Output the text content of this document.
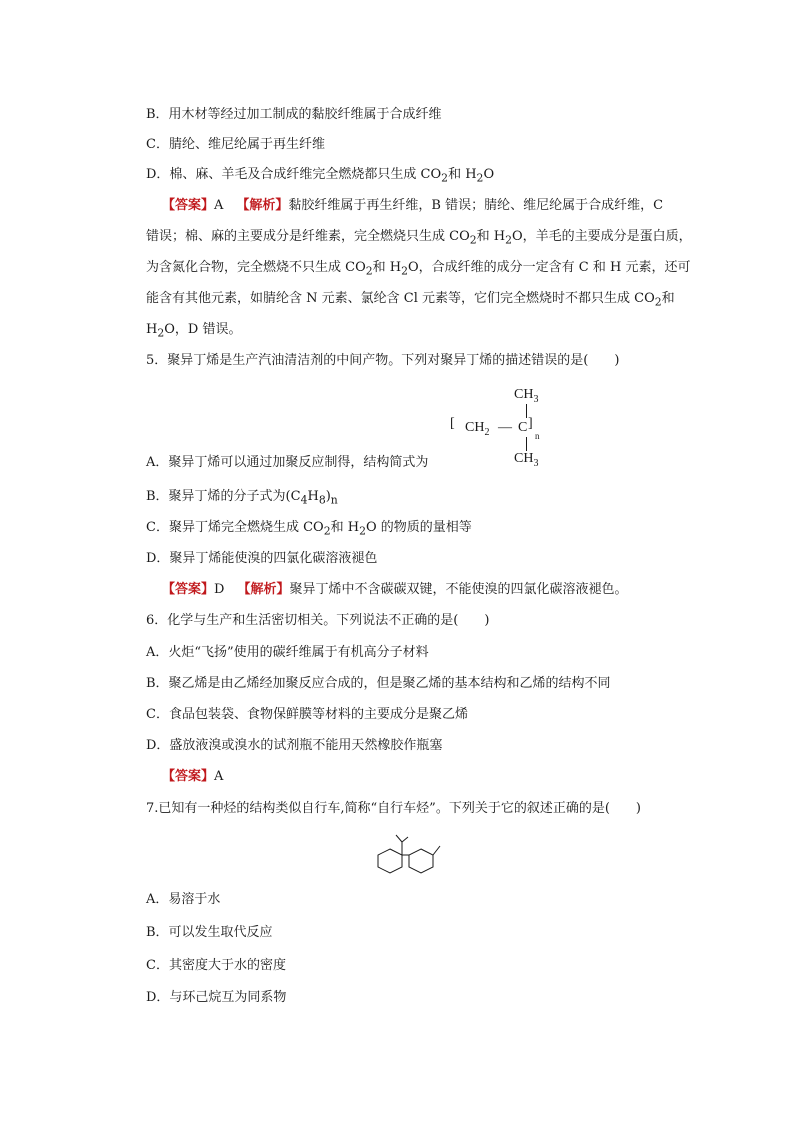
B．用木材等经过加工制成的黏胶纤维属于合成纤维
C．腈纶、维尼纶属于再生纤维
D．棉、麻、羊毛及合成纤维完全燃烧都只生成 $CO_2$和 $H_2O$
【答案】A  【解析】黏胶纤维属于再生纤维，B 错误；腈纶、维尼纶属于合成纤维，C
错误；棉、麻的主要成分是纤维素，完全燃烧只生成 $CO_2$和 $H_2O$，羊毛的主要成分是蛋白质，
为含氮化合物，完全燃烧不只生成 $CO_2$和 $H_2O$，合成纤维的成分一定含有 C 和 H 元素，还可
能含有其他元素，如腈纶含 N 元素、氯纶含 Cl 元素等，它们完全燃烧时不都只生成 $CO_2$和
$H_2O$，D 错误。
5．聚异丁烯是生产汽油清洁剂的中间产物。下列对聚异丁烯的描述错误的是(　　)
$CH_3$
[ $CH_2$ — C ]
n
$CH_3$
A．聚异丁烯可以通过加聚反应制得，结构简式为
B．聚异丁烯的分子式为$(C_4H_8)_n$
C．聚异丁烯完全燃烧生成 $CO_2$和 $H_2O$ 的物质的量相等
D．聚异丁烯能使溴的四氯化碳溶液褪色
【答案】D  【解析】聚异丁烯中不含碳碳双键，不能使溴的四氯化碳溶液褪色。
6．化学与生产和生活密切相关。下列说法不正确的是(　　)
A．火炬“飞扬”使用的碳纤维属于有机高分子材料
B．聚乙烯是由乙烯经加聚反应合成的，但是聚乙烯的基本结构和乙烯的结构不同
C．食品包装袋、食物保鲜膜等材料的主要成分是聚乙烯
D．盛放液溴或溴水的试剂瓶不能用天然橡胶作瓶塞
【答案】A
7.已知有一种烃的结构类似自行车,简称“自行车烃”。下列关于它的叙述正确的是(　　)
A．易溶于水
B．可以发生取代反应
C．其密度大于水的密度
D．与环己烷互为同系物
